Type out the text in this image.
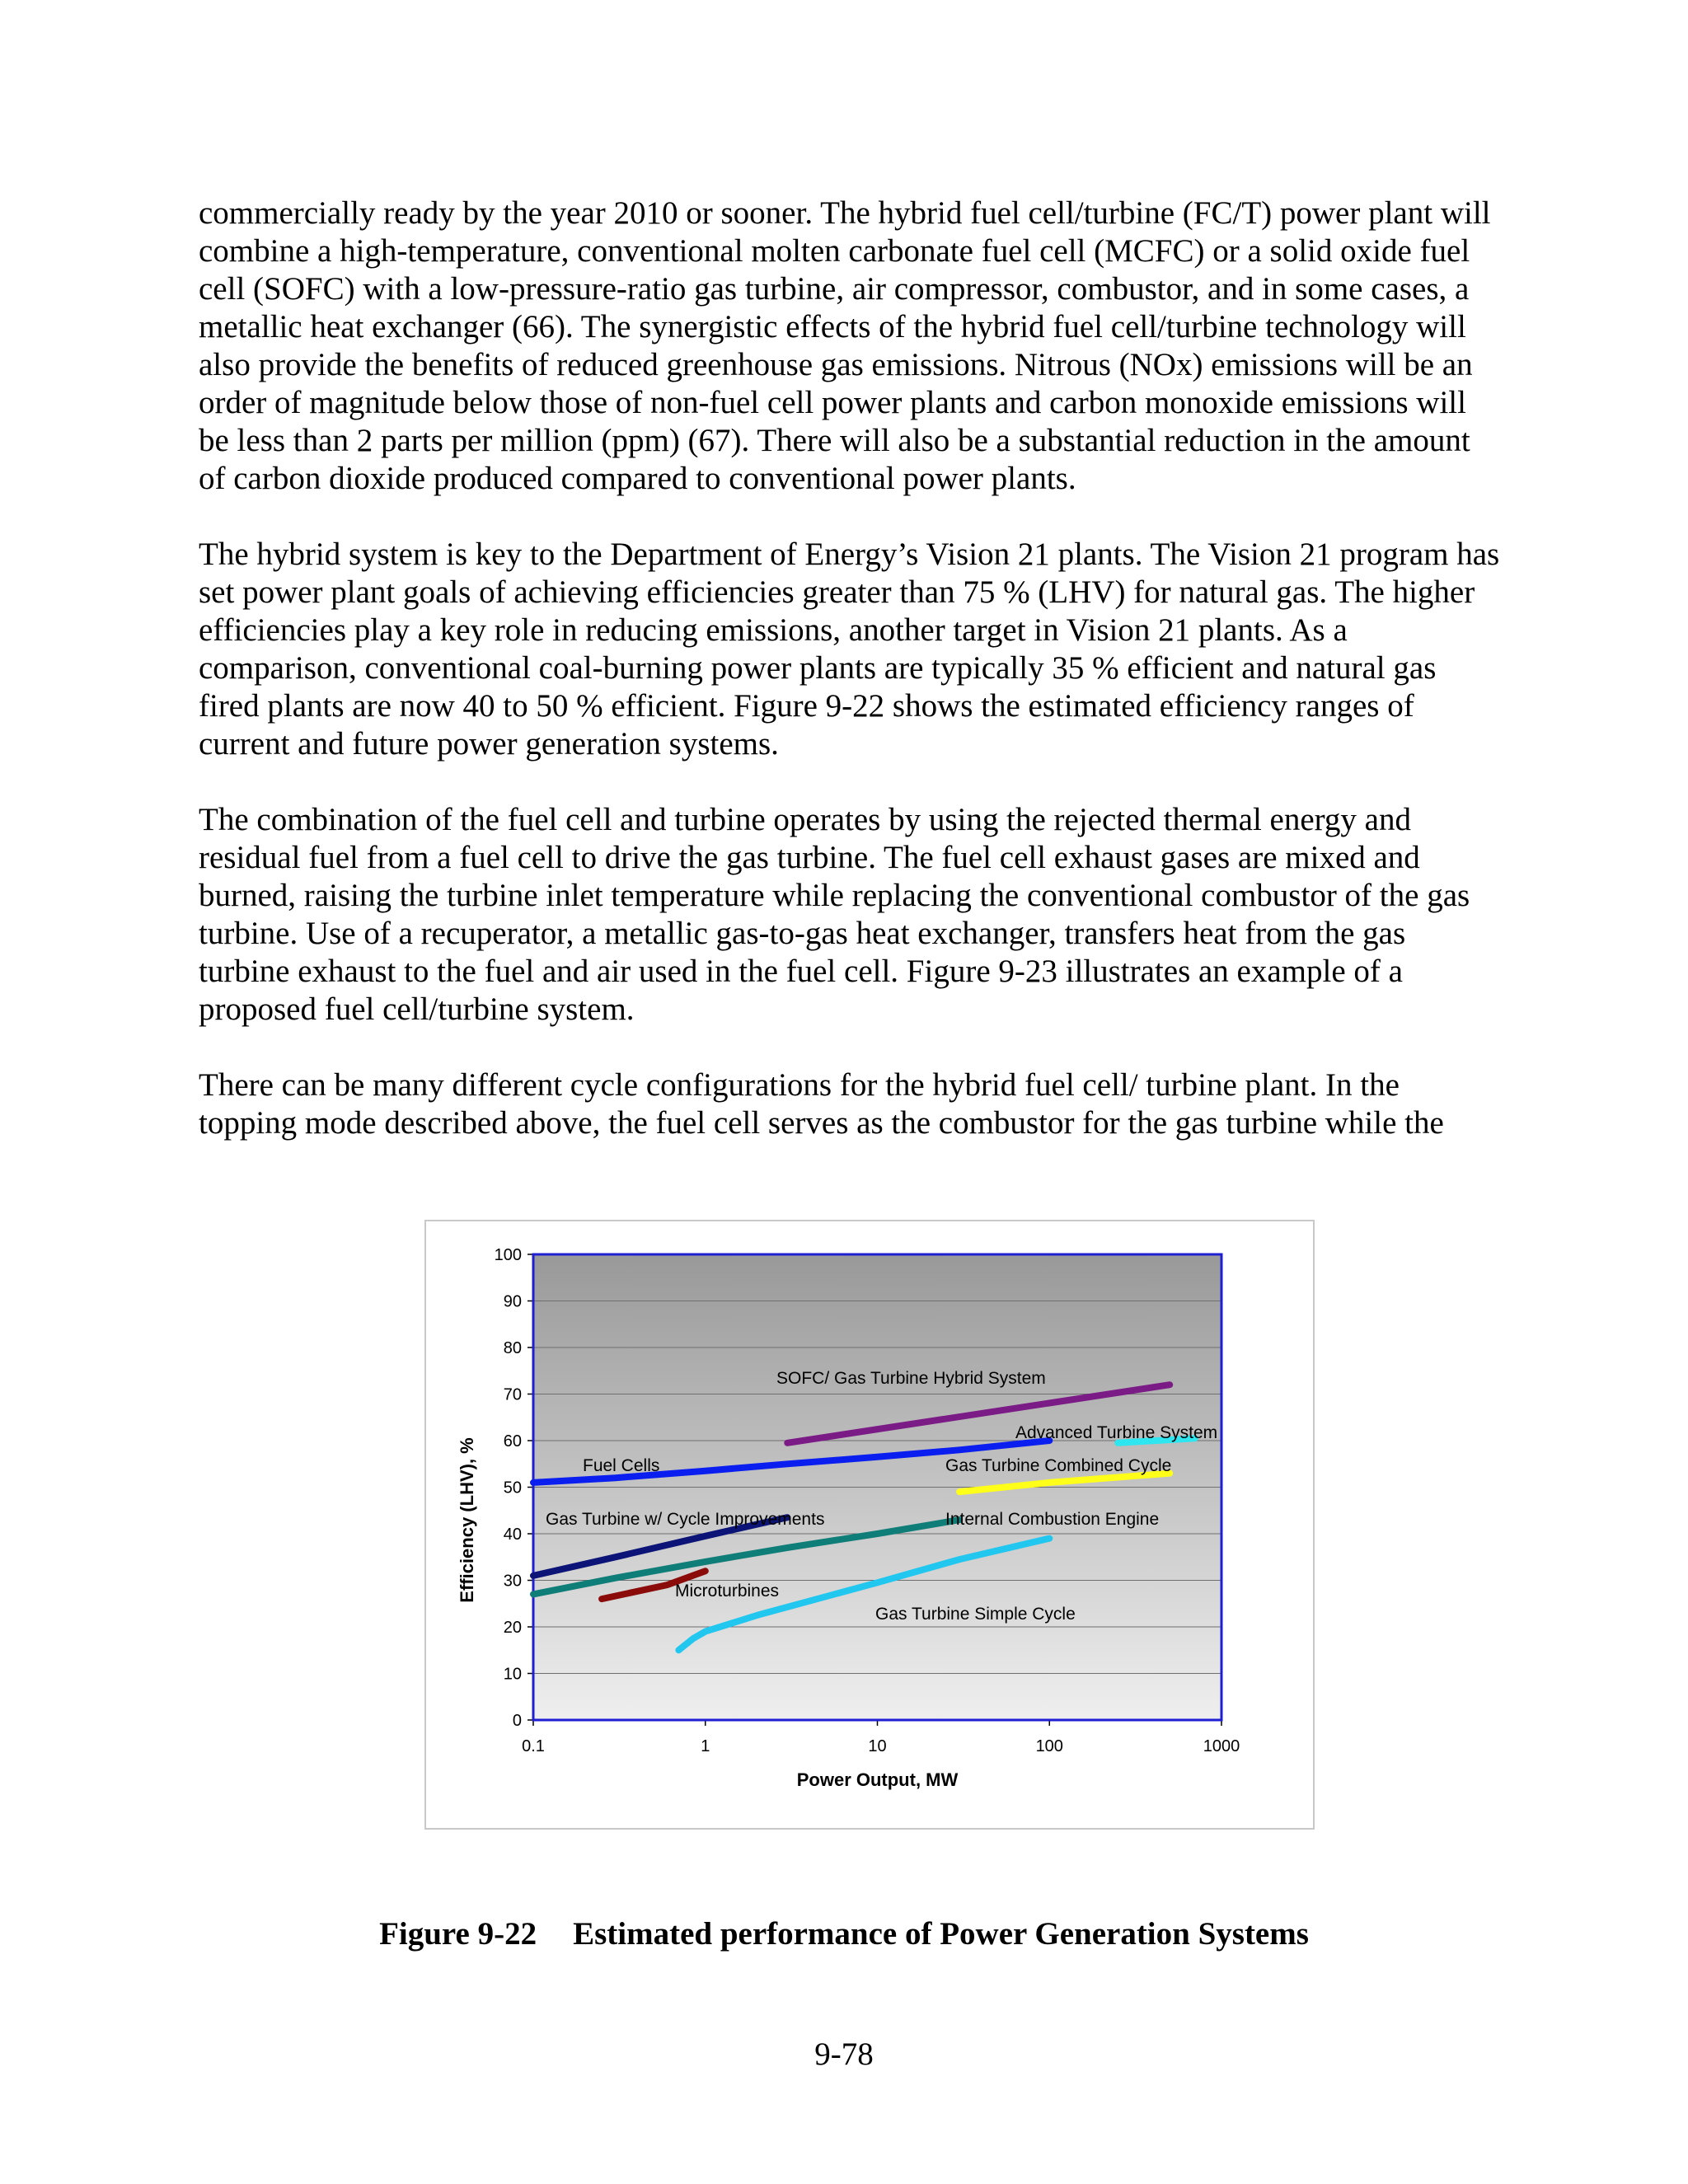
commercially ready by the year 2010 or sooner. The hybrid fuel cell/turbine (FC/T) power plant will combine a high-temperature, conventional molten carbonate fuel cell (MCFC) or a solid oxide fuel cell (SOFC) with a low-pressure-ratio gas turbine, air compressor, combustor, and in some cases, a metallic heat exchanger (66). The synergistic effects of the hybrid fuel cell/turbine technology will also provide the benefits of reduced greenhouse gas emissions. Nitrous (NOx) emissions will be an order of magnitude below those of non-fuel cell power plants and carbon monoxide emissions will be less than 2 parts per million (ppm) (67). There will also be a substantial reduction in the amount of carbon dioxide produced compared to conventional power plants.

The hybrid system is key to the Department of Energy’s Vision 21 plants. The Vision 21 program has set power plant goals of achieving efficiencies greater than 75 % (LHV) for natural gas. The higher efficiencies play a key role in reducing emissions, another target in Vision 21 plants. As a comparison, conventional coal-burning power plants are typically 35 % efficient and natural gas fired plants are now 40 to 50 % efficient. Figure 9-22 shows the estimated efficiency ranges of current and future power generation systems.

The combination of the fuel cell and turbine operates by using the rejected thermal energy and residual fuel from a fuel cell to drive the gas turbine. The fuel cell exhaust gases are mixed and burned, raising the turbine inlet temperature while replacing the conventional combustor of the gas turbine. Use of a recuperator, a metallic gas-to-gas heat exchanger, transfers heat from the gas turbine exhaust to the fuel and air used in the fuel cell. Figure 9-23 illustrates an example of a proposed fuel cell/turbine system.

There can be many different cycle configurations for the hybrid fuel cell/ turbine plant. In the topping mode described above, the fuel cell serves as the combustor for the gas turbine while the

0
10
20
30
40
50
60
70
80
90
100
0.1	1	10	100	1000
SOFC/ Gas Turbine Hybrid System
Advanced Turbine System
Fuel Cells	Gas Turbine Combined Cycle
Internal Combustion Engine
Gas Turbine w/ Cycle Improvements
Microturbines
Gas Turbine Simple Cycle
Power Output, MW
Efficiency (LHV), %
Figure 9-22 Estimated performance of Power Generation Systems
9-78
